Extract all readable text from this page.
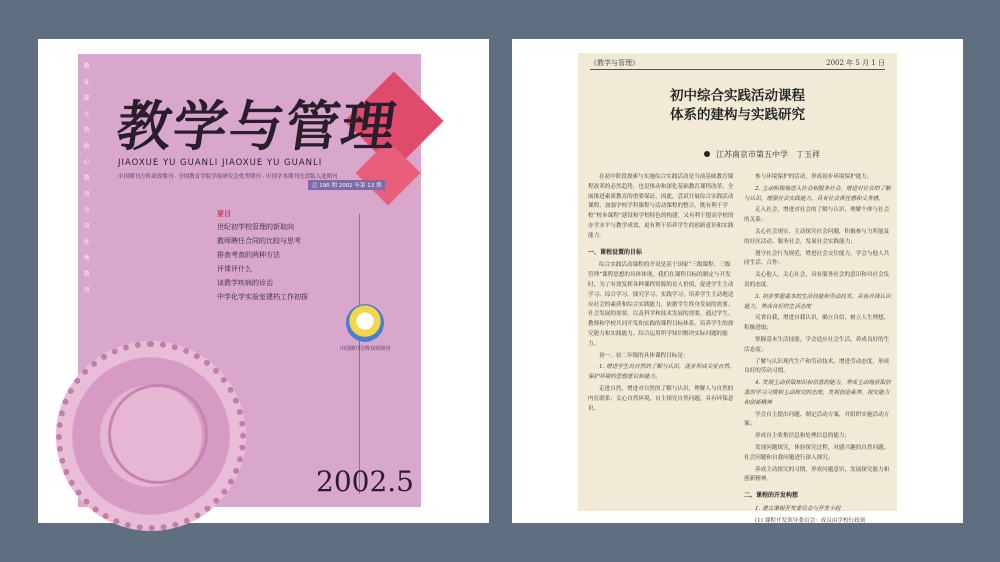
教
育
部
主
管
核
心
期
刊
全
国
优
秀
期
刊
教学与管理
JIAOXUE YU GUANLI JIAOXUE YU GUANLI
中国期刊方阵双效期刊 · 全国教育学院学报研究会优秀期刊 · 中国学术期刊光盘版入选期刊
总 190 期 2002 年第 13 期
要目
世纪初学校管理的新取向
教师聘任合同的比较与思考
排查考查的两种方法
评课评什么
谈教学疾病的诊治
中学化学实验室建档工作初探
中国期刊方阵双效期刊
2002.5
《教学与管理》	2002 年 5 月 1 日
初中综合实践活动课程
体系的建构与实践研究
江苏南京市第五中学　丁玉祥

在初中阶段探索与实施综合实践活动是当前基础教育课程改革的必然趋势，也是推动和深化基础教育课程改革、全面推进素质教育的重要保证。因此，尝试开展综合实践活动课程，加强学校学科课程与活动课程的整合，既有利于学校“校本课程”建设和学校特色的构建，又有利于提高学校的办学水平与教学成效，更有利于培养学生的创新意识和实践能力。

一、课程设置的目标

综合实践活动课程的开设是基于国家“三级课程、三级管理”课程思想的具体体现，我们在课程目标的制定与开发时，为了有效发挥各种课程资源的育人价值，促进学生主动学习、综合学习、探究学习、实践学习，培养学生主动地适应社会的素质和综合实践能力，依据学生终身发展的需要、社会发展的需要，以及科学和技术发展的需要，通过学生、教师和学校共同开发和实践的课程目标体系，培养学生的探究能力和实践能力、综合运用所学知识解决实际问题的能力。

初一、初二年级的具体课程目标是：

1. 增进学生对自然的了解与认识，逐步形成关爱自然、保护环境的思想意识和能力。

走进自然，增进对自然的了解与认识，理解人与自然的内在联系；关心自然环境，自主探究自然问题，具有环保意识。

参与环境保护的活动，形成初步环境保护能力。

2. 主动积极地进入社会和服务社会，增进对社会的了解与认识，增强社会实践能力，具有社会责任感和义务感。

走入社会，增进对社会的了解与认识，理解个体与社会的关系；

关心社会现实，主动探究社会问题，积极参与力所能及的社区活动、服务社会，发展社会实践能力；

遵守社会行为规范，增进社会交往能力，学会与他人共同生活、合作；

关心他人、关心社会，具有服务社会的意识和对社会负责的态度。

3. 初步掌握基本的生活技能和劳动技术，具有自我认识能力，养成良好的生活态度

反省自我，增进自我认识，确立自信，树立人生理想，积极进取；

掌握基本生活技能，学会适应社会生活，养成良好的生活态度；

了解与认识现代生产和劳动技术，增进劳动态度，形成良好的劳动习惯。

4. 发展主动获取知识和信息的能力，养成主动地获取信息的学习习惯和主动探究的态度，发展创造素养、探究能力和创新精神

学会自主提出问题、制定活动方案，并组织实施活动方案；

形成自主收集信息和处理信息的能力；

发现问题探究，体验探究过程，对感兴趣的自然问题、社会问题和自我问题进行深入探究；

养成主动探究的习惯，形成问题意识，发展探究能力和创新精神。

二、课程的开发构想

1. 建立课程开发委员会与开发小组

(1) 课程开发领导委员会：成员由学校行政领
